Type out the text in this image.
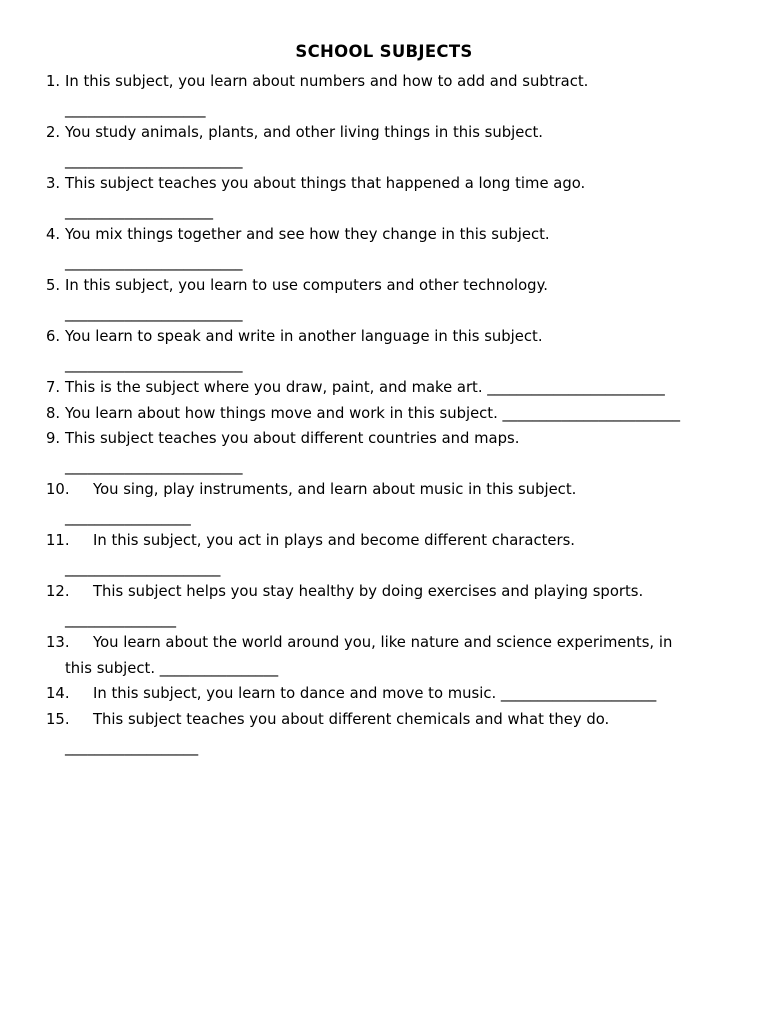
SCHOOL SUBJECTS
1. In this subject, you learn about numbers and how to add and subtract.
___________________
2. You study animals, plants, and other living things in this subject.
________________________
3. This subject teaches you about things that happened a long time ago.
____________________
4. You mix things together and see how they change in this subject.
________________________
5. In this subject, you learn to use computers and other technology.
________________________
6. You learn to speak and write in another language in this subject.
________________________
7. This is the subject where you draw, paint, and make art. ________________________
8. You learn about how things move and work in this subject. ________________________
9. This subject teaches you about different countries and maps.
________________________
10. You sing, play instruments, and learn about music in this subject.
_________________
11. In this subject, you act in plays and become different characters.
_____________________
12. This subject helps you stay healthy by doing exercises and playing sports.
_______________
13. You learn about the world around you, like nature and science experiments, in
this subject. ________________
14. In this subject, you learn to dance and move to music. _____________________
15. This subject teaches you about different chemicals and what they do.
__________________
